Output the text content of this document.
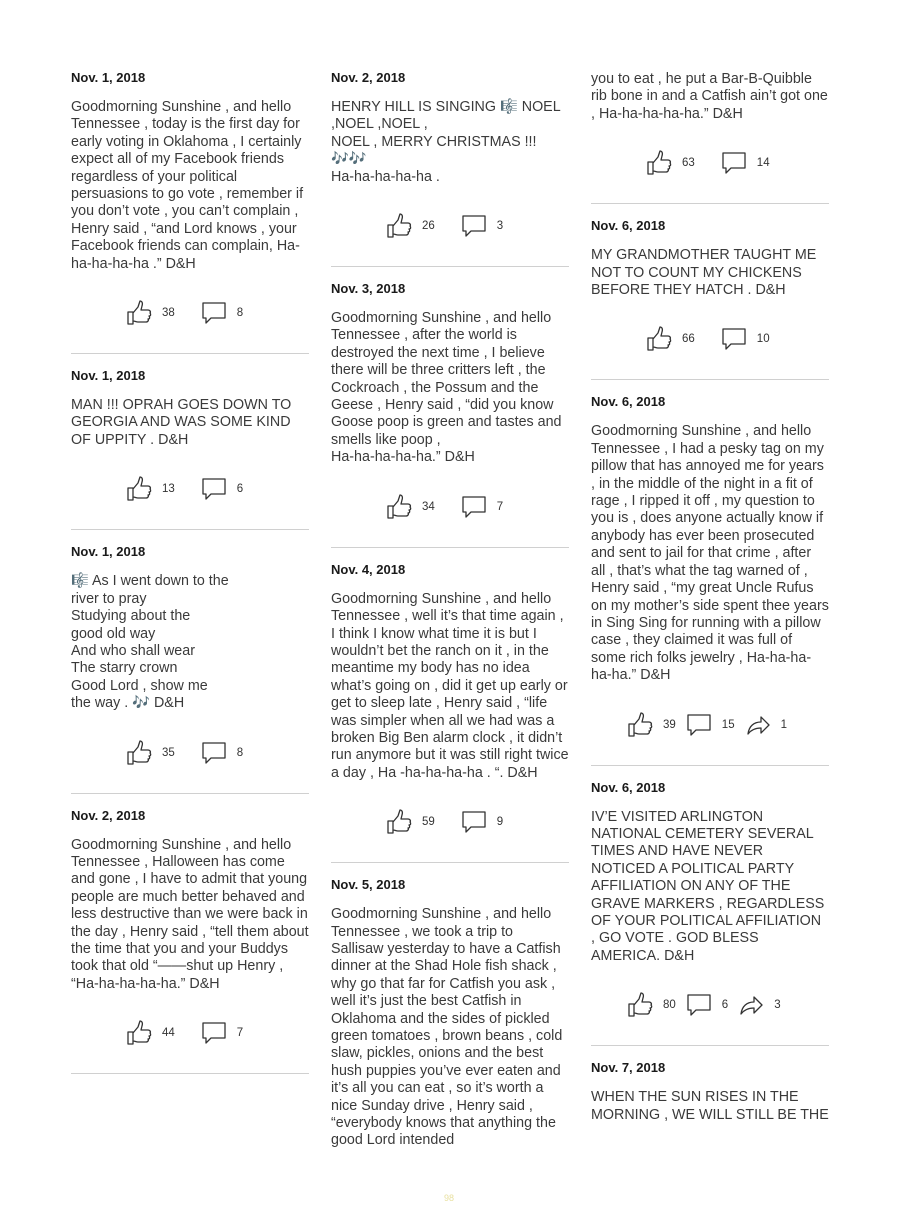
Nov. 1, 2018
Goodmorning Sunshine , and hello Tennessee , today is the first day for early voting in Oklahoma , I certainly expect all of my Facebook friends regardless of your political persuasions to go vote , remember if you don’t vote , you can’t complain , Henry said , “and Lord knows , your Facebook friends can complain, Ha-ha-ha-ha-ha .” D&H
38	8
Nov. 1, 2018
MAN !!! OPRAH GOES DOWN TO GEORGIA AND WAS SOME KIND OF UPPITY . D&H
13	6
Nov. 1, 2018
🎼 As I went down to the
river to pray
Studying about the
good old way
And who shall wear
The starry crown
Good Lord , show me
the way . 🎶 D&H
35	8
Nov. 2, 2018
Goodmorning Sunshine , and hello Tennessee , Halloween has come and gone , I have to admit that young people are much better behaved and less destructive than we were back in the day , Henry said , “tell them about the time that you and your Buddys took that old “——shut up Henry ,
“Ha-ha-ha-ha-ha.” D&H
44	7
Nov. 2, 2018
HENRY HILL IS SINGING 🎼 NOEL ,NOEL ,NOEL ,
NOEL , MERRY CHRISTMAS !!! 🎶🎶
Ha-ha-ha-ha-ha .
26	3
Nov. 3, 2018
Goodmorning Sunshine , and hello Tennessee , after the world is destroyed the next time , I believe there will be three critters left , the Cockroach , the Possum and the Geese , Henry said , “did you know Goose poop is green and tastes and smells like poop ,
Ha-ha-ha-ha-ha.” D&H
34	7
Nov. 4, 2018
Goodmorning Sunshine , and hello Tennessee , well it’s that time again , I think I know what time it is but I wouldn’t bet the ranch on it , in the meantime my body has no idea what’s going on , did it get up early or get to sleep late , Henry said , “life was simpler when all we had was a broken Big Ben alarm clock , it didn’t run anymore but it was still right twice a day , Ha -ha-ha-ha-ha . “. D&H
59	9
Nov. 5, 2018
Goodmorning Sunshine , and hello Tennessee , we took a trip to Sallisaw yesterday to have a Catfish dinner at the Shad Hole fish shack , why go that far for Catfish you ask , well it’s just the best Catfish in Oklahoma and the sides of pickled green tomatoes , brown beans , cold slaw, pickles, onions and the best hush puppies you’ve ever eaten and it’s all you can eat , so it’s worth a nice Sunday drive , Henry said , “everybody knows that anything the good Lord intended
you to eat , he put a Bar-B-Quibble rib bone in and a Catfish ain’t got one , Ha-ha-ha-ha-ha.” D&H
63	14
Nov. 6, 2018
MY GRANDMOTHER TAUGHT ME NOT TO COUNT MY CHICKENS BEFORE THEY HATCH . D&H
66	10
Nov. 6, 2018
Goodmorning Sunshine , and hello Tennessee , I had a pesky tag on my pillow that has annoyed me for years , in the middle of the night in a fit of rage , I ripped it off , my question to you is , does anyone actually know if anybody has ever been prosecuted and sent to jail for that crime , after all , that’s what the tag warned of , Henry said , “my great Uncle Rufus on my mother’s side spent thee years in Sing Sing for running with a pillow case , they claimed it was full of some rich folks jewelry , Ha-ha-ha-ha-ha.” D&H
39	15	1
Nov. 6, 2018
IV’E VISITED ARLINGTON NATIONAL CEMETERY SEVERAL TIMES AND HAVE NEVER NOTICED A POLITICAL PARTY AFFILIATION ON ANY OF THE GRAVE MARKERS , REGARDLESS OF YOUR POLITICAL AFFILIATION , GO VOTE . GOD BLESS AMERICA. D&H
80	6	3
Nov. 7, 2018
WHEN THE SUN RISES IN THE MORNING , WE WILL STILL BE THE
98
